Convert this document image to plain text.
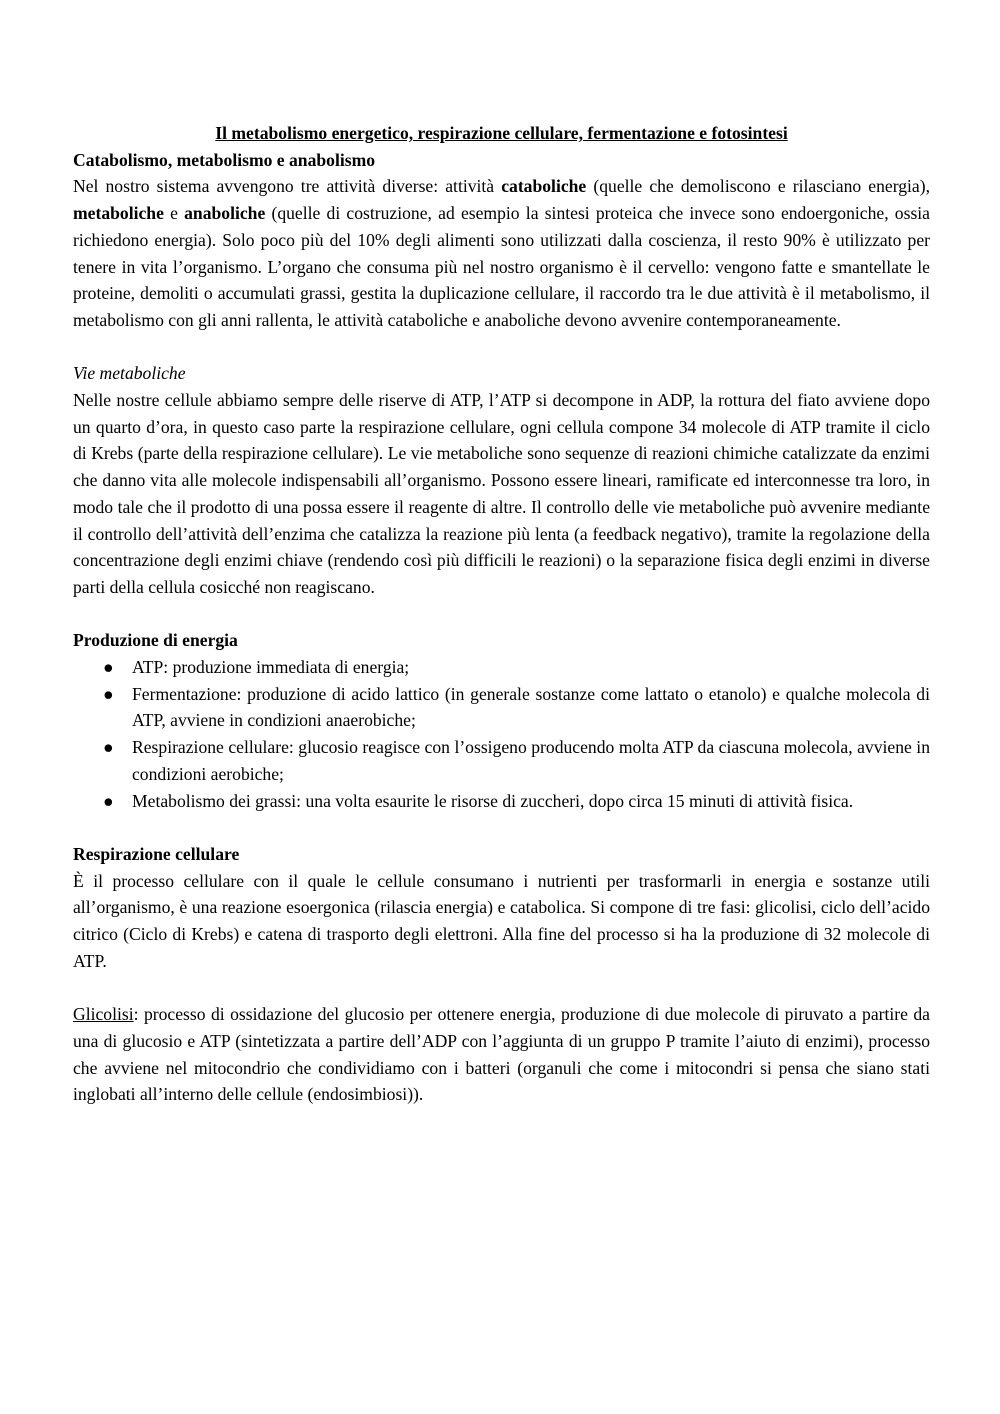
Il metabolismo energetico, respirazione cellulare, fermentazione e fotosintesi

Catabolismo, metabolismo e anabolismo

Nel nostro sistema avvengono tre attività diverse: attività cataboliche (quelle che demoliscono e rilasciano energia), metaboliche e anaboliche (quelle di costruzione, ad esempio la sintesi proteica che invece sono endoergoniche, ossia richiedono energia). Solo poco più del 10% degli alimenti sono utilizzati dalla coscienza, il resto 90% è utilizzato per tenere in vita l’organismo. L’organo che consuma più nel nostro organismo è il cervello: vengono fatte e smantellate le proteine, demoliti o accumulati grassi, gestita la duplicazione cellulare, il raccordo tra le due attività è il metabolismo, il metabolismo con gli anni rallenta, le attività cataboliche e anaboliche devono avvenire contemporaneamente.

Vie metaboliche

Nelle nostre cellule abbiamo sempre delle riserve di ATP, l’ATP si decompone in ADP, la rottura del fiato avviene dopo un quarto d’ora, in questo caso parte la respirazione cellulare, ogni cellula compone 34 molecole di ATP tramite il ciclo di Krebs (parte della respirazione cellulare). Le vie metaboliche sono sequenze di reazioni chimiche catalizzate da enzimi che danno vita alle molecole indispensabili all’organismo. Possono essere lineari, ramificate ed interconnesse tra loro, in modo tale che il prodotto di una possa essere il reagente di altre. Il controllo delle vie metaboliche può avvenire mediante il controllo dell’attività dell’enzima che catalizza la reazione più lenta (a feedback negativo), tramite la regolazione della concentrazione degli enzimi chiave (rendendo così più difficili le reazioni) o la separazione fisica degli enzimi in diverse parti della cellula cosicché non reagiscano.

Produzione di energia

● ATP: produzione immediata di energia;
● Fermentazione: produzione di acido lattico (in generale sostanze come lattato o etanolo) e qualche molecola di ATP, avviene in condizioni anaerobiche;
● Respirazione cellulare: glucosio reagisce con l’ossigeno producendo molta ATP da ciascuna molecola, avviene in condizioni aerobiche;
● Metabolismo dei grassi: una volta esaurite le risorse di zuccheri, dopo circa 15 minuti di attività fisica.

Respirazione cellulare

È il processo cellulare con il quale le cellule consumano i nutrienti per trasformarli in energia e sostanze utili all’organismo, è una reazione esoergonica (rilascia energia) e catabolica. Si compone di tre fasi: glicolisi, ciclo dell’acido citrico (Ciclo di Krebs) e catena di trasporto degli elettroni. Alla fine del processo si ha la produzione di 32 molecole di ATP.

Glicolisi: processo di ossidazione del glucosio per ottenere energia, produzione di due molecole di piruvato a partire da una di glucosio e ATP (sintetizzata a partire dell’ADP con l’aggiunta di un gruppo P tramite l’aiuto di enzimi), processo che avviene nel mitocondrio che condividiamo con i batteri (organuli che come i mitocondri si pensa che siano stati inglobati all’interno delle cellule (endosimbiosi)).
